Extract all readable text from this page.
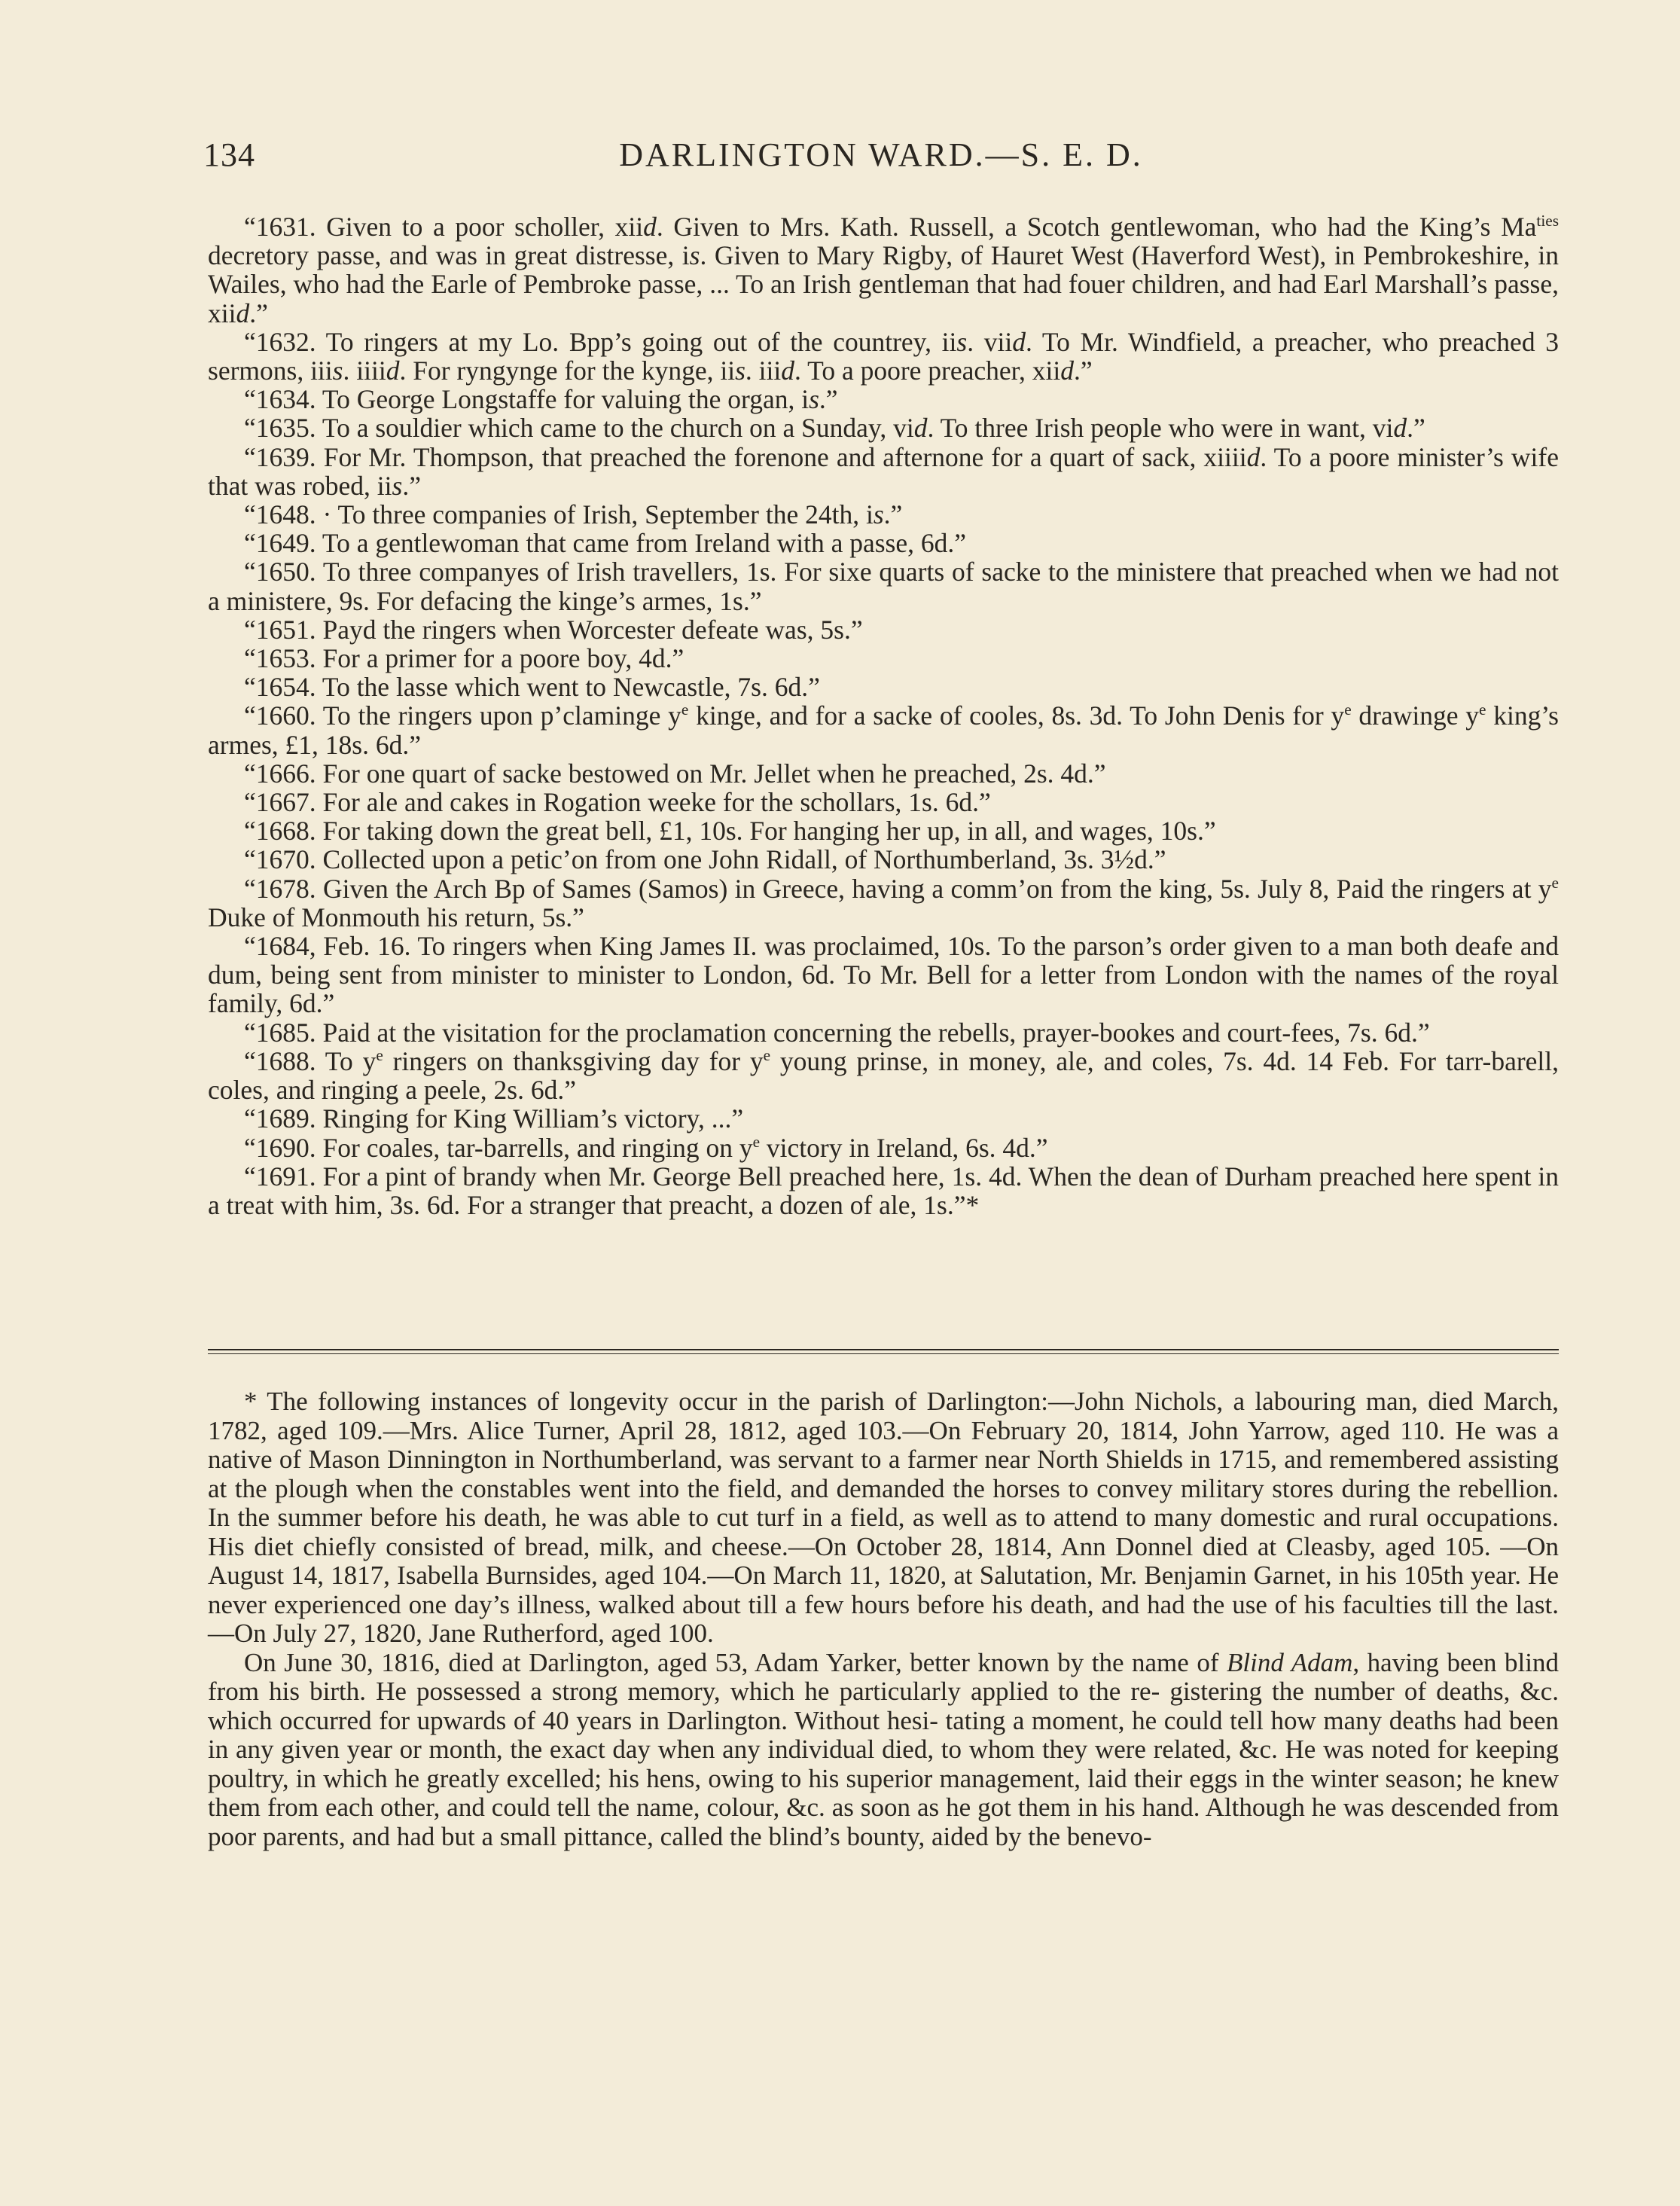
134	DARLINGTON WARD.—S. E. D.

“1631. Given to a poor scholler, xiid. Given to Mrs. Kath. Russell, a Scotch gentlewoman, who had the King’s $Ma^{ties}$ decretory passe, and was in great distresse, is. Given to Mary Rigby, of Hauret West (Haverford West), in Pembrokeshire, in Wailes, who had the Earle of Pembroke passe, ... To an Irish gentleman that had fouer children, and had Earl Marshall’s passe, xiid.”

“1632. To ringers at my Lo. Bpp’s going out of the countrey, iis. viid. To Mr. Windfield, a preacher, who preached 3 sermons, iiis. iiiid. For ryngynge for the kynge, iis. iiid. To a poore preacher, xiid.”

“1634. To George Longstaffe for valuing the organ, is.”

“1635. To a souldier which came to the church on a Sunday, vid. To three Irish people who were in want, vid.”

“1639. For Mr. Thompson, that preached the forenone and afternone for a quart of sack, xiiiid. To a poore minister’s wife that was robed, iis.”

“1648. · To three companies of Irish, September the 24th, is.”

“1649. To a gentlewoman that came from Ireland with a passe, 6d.”

“1650. To three companyes of Irish travellers, 1s. For sixe quarts of sacke to the ministere that preached when we had not a ministere, 9s. For defacing the kinge’s armes, 1s.”

“1651. Payd the ringers when Worcester defeate was, 5s.”

“1653. For a primer for a poore boy, 4d.”

“1654. To the lasse which went to Newcastle, 7s. 6d.”

“1660. To the ringers upon p’claminge $y^e$ kinge, and for a sacke of cooles, 8s. 3d. To John Denis for $y^e$ drawinge $y^e$ king’s armes, £1, 18s. 6d.”

“1666. For one quart of sacke bestowed on Mr. Jellet when he preached, 2s. 4d.”

“1667. For ale and cakes in Rogation weeke for the schollars, 1s. 6d.”

“1668. For taking down the great bell, £1, 10s. For hanging her up, in all, and wages, 10s.”

“1670. Collected upon a petic’on from one John Ridall, of Northumberland, 3s. 3½d.”

“1678. Given the Arch Bp of Sames (Samos) in Greece, having a comm’on from the king, 5s. July 8, Paid the ringers at $y^e$ Duke of Monmouth his return, 5s.”

“1684, Feb. 16. To ringers when King James II. was proclaimed, 10s. To the parson’s order given to a man both deafe and dum, being sent from minister to minister to London, 6d. To Mr. Bell for a letter from London with the names of the royal family, 6d.”

“1685. Paid at the visitation for the proclamation concerning the rebells, prayer-bookes and court-fees, 7s. 6d.”

“1688. To $y^e$ ringers on thanksgiving day for $y^e$ young prinse, in money, ale, and coles, 7s. 4d. 14 Feb. For tarr-barell, coles, and ringing a peele, 2s. 6d.”

“1689. Ringing for King William’s victory, ...”

“1690. For coales, tar-barrells, and ringing on $y^e$ victory in Ireland, 6s. 4d.”

“1691. For a pint of brandy when Mr. George Bell preached here, 1s. 4d. When the dean of Durham preached here spent in a treat with him, 3s. 6d. For a stranger that preacht, a dozen of ale, 1s.”*

* The following instances of longevity occur in the parish of Darlington:—John Nichols, a labouring man, died March, 1782, aged 109.—Mrs. Alice Turner, April 28, 1812, aged 103.—On February 20, 1814, John Yarrow, aged 110. He was a native of Mason Dinnington in Northumberland, was servant to a farmer near North Shields in 1715, and remembered assisting at the plough when the constables went into the field, and demanded the horses to convey military stores during the rebellion. In the summer before his death, he was able to cut turf in a field, as well as to attend to many domestic and rural occupations. His diet chiefly consisted of bread, milk, and cheese.—On October 28, 1814, Ann Donnel died at Cleasby, aged 105. —On August 14, 1817, Isabella Burnsides, aged 104.—On March 11, 1820, at Salutation, Mr. Benjamin Garnet, in his 105th year. He never experienced one day’s illness, walked about till a few hours before his death, and had the use of his faculties till the last.—On July 27, 1820, Jane Rutherford, aged 100.

On June 30, 1816, died at Darlington, aged 53, Adam Yarker, better known by the name of Blind Adam, having been blind from his birth. He possessed a strong memory, which he particularly applied to the re- gistering the number of deaths, &c. which occurred for upwards of 40 years in Darlington. Without hesi- tating a moment, he could tell how many deaths had been in any given year or month, the exact day when any individual died, to whom they were related, &c. He was noted for keeping poultry, in which he greatly excelled; his hens, owing to his superior management, laid their eggs in the winter season; he knew them from each other, and could tell the name, colour, &c. as soon as he got them in his hand. Although he was descended from poor parents, and had but a small pittance, called the blind’s bounty, aided by the benevo-
